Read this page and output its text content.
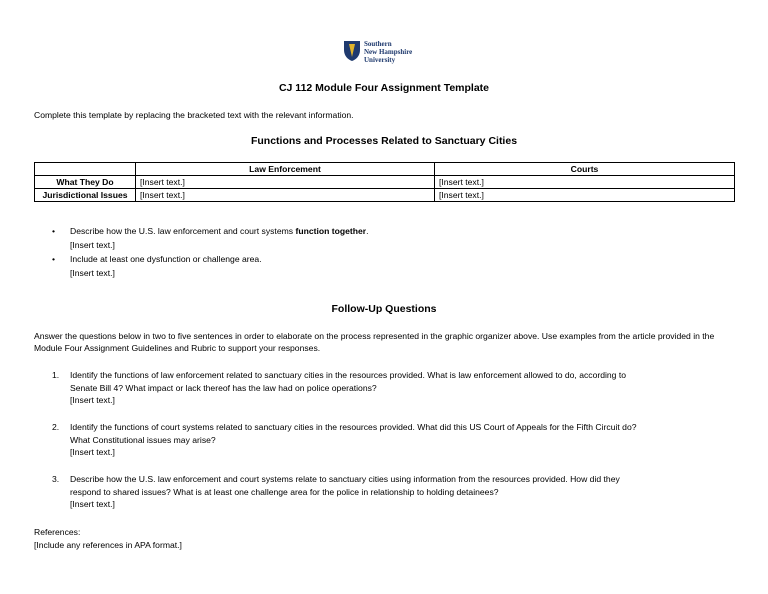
Southern
New Hampshire
University
CJ 112 Module Four Assignment Template
Complete this template by replacing the bracketed text with the relevant information.
Functions and Processes Related to Sanctuary Cities
	Law Enforcement	Courts
What They Do	[Insert text.]	[Insert text.]
Jurisdictional Issues	[Insert text.]	[Insert text.]
•	Describe how the U.S. law enforcement and court systems function together.
[Insert text.]
•	Include at least one dysfunction or challenge area.
[Insert text.]
Follow-Up Questions
Answer the questions below in two to five sentences in order to elaborate on the process represented in the graphic organizer above. Use examples from the article provided in the Module Four Assignment Guidelines and Rubric to support your responses.
1.	Identify the functions of law enforcement related to sanctuary cities in the resources provided. What is law enforcement allowed to do, according to
Senate Bill 4? What impact or lack thereof has the law had on police operations?
[Insert text.]
2.	Identify the functions of court systems related to sanctuary cities in the resources provided. What did this US Court of Appeals for the Fifth Circuit do?
What Constitutional issues may arise?
[Insert text.]
3.	Describe how the U.S. law enforcement and court systems relate to sanctuary cities using information from the resources provided. How did they
respond to shared issues? What is at least one challenge area for the police in relationship to holding detainees?
[Insert text.]
References:
[Include any references in APA format.]
